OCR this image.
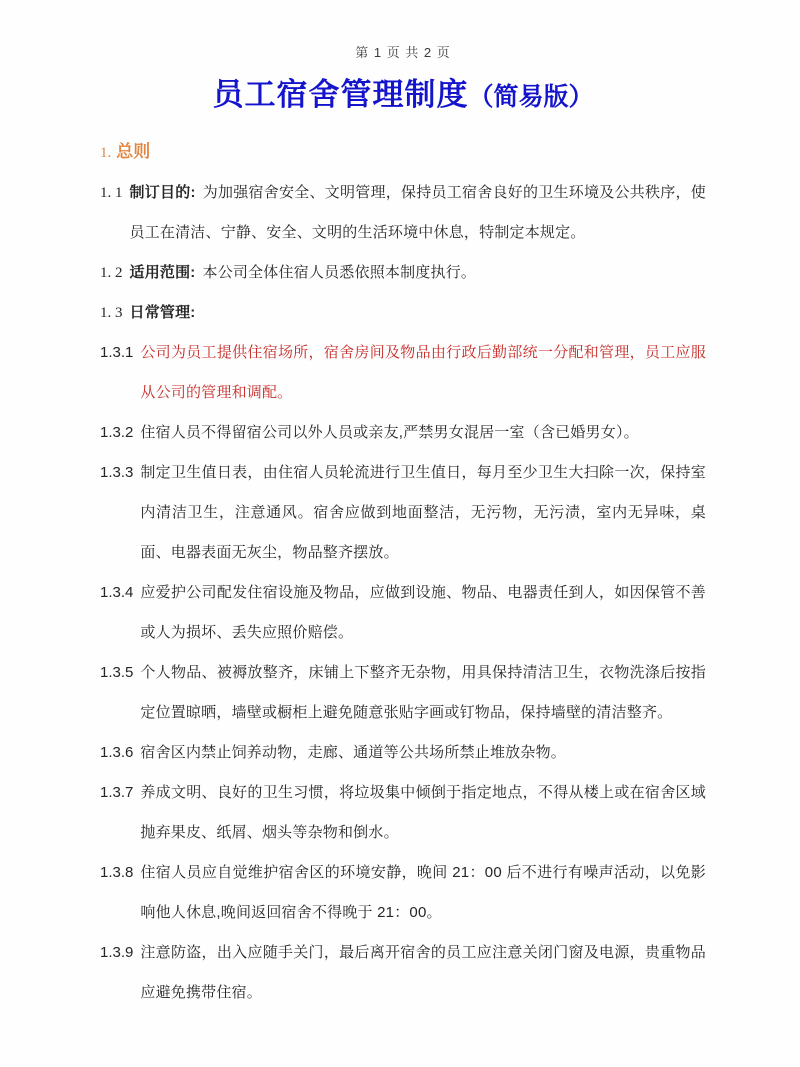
第 1 页 共 2 页
员工宿舍管理制度（简易版）
1. 总则
1. 1 制订目的: 为加强宿舍安全、文明管理，保持员工宿舍良好的卫生环境及公共秩序，使员工在清洁、宁静、安全、文明的生活环境中休息，特制定本规定。
1. 2 适用范围: 本公司全体住宿人员悉依照本制度执行。
1. 3 日常管理:
1.3.1 公司为员工提供住宿场所，宿舍房间及物品由行政后勤部统一分配和管理，员工应服从公司的管理和调配。
1.3.2 住宿人员不得留宿公司以外人员或亲友,严禁男女混居一室（含已婚男女）。
1.3.3 制定卫生值日表，由住宿人员轮流进行卫生值日，每月至少卫生大扫除一次，保持室内清洁卫生，注意通风。宿舍应做到地面整洁，无污物，无污渍，室内无异味，桌面、电器表面无灰尘，物品整齐摆放。
1.3.4 应爱护公司配发住宿设施及物品，应做到设施、物品、电器责任到人，如因保管不善或人为损坏、丢失应照价赔偿。
1.3.5 个人物品、被褥放整齐，床铺上下整齐无杂物，用具保持清洁卫生，衣物洗涤后按指定位置晾晒，墙壁或橱柜上避免随意张贴字画或钉物品，保持墙壁的清洁整齐。
1.3.6 宿舍区内禁止饲养动物，走廊、通道等公共场所禁止堆放杂物。
1.3.7 养成文明、良好的卫生习惯，将垃圾集中倾倒于指定地点，不得从楼上或在宿舍区域抛弃果皮、纸屑、烟头等杂物和倒水。
1.3.8 住宿人员应自觉维护宿舍区的环境安静，晚间 21：00 后不进行有噪声活动，以免影响他人休息,晚间返回宿舍不得晚于 21：00。
1.3.9 注意防盗，出入应随手关门，最后离开宿舍的员工应注意关闭门窗及电源，贵重物品应避免携带住宿。
